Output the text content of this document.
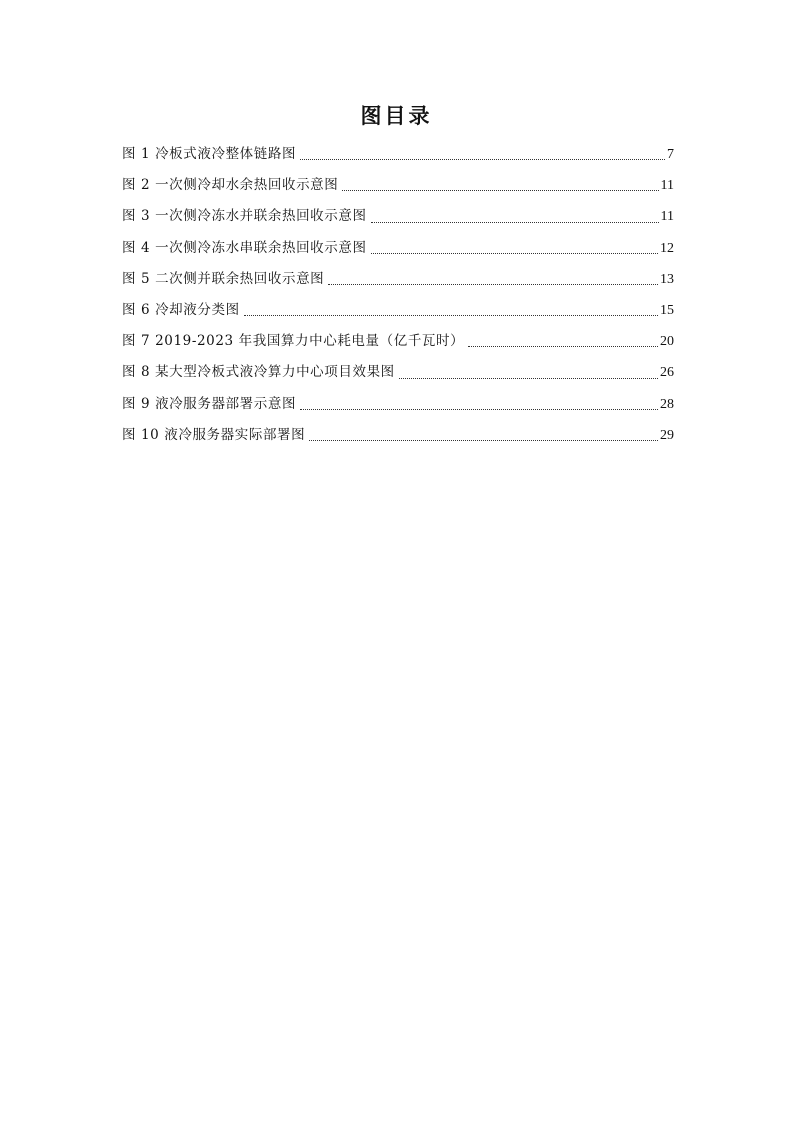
图目录
图 1 冷板式液冷整体链路图	7
图 2 一次侧冷却水余热回收示意图	11
图 3 一次侧冷冻水并联余热回收示意图	11
图 4 一次侧冷冻水串联余热回收示意图	12
图 5 二次侧并联余热回收示意图	13
图 6 冷却液分类图	15
图 7 2019-2023 年我国算力中心耗电量（亿千瓦时）	20
图 8 某大型冷板式液冷算力中心项目效果图	26
图 9 液冷服务器部署示意图	28
图 10 液冷服务器实际部署图	29
